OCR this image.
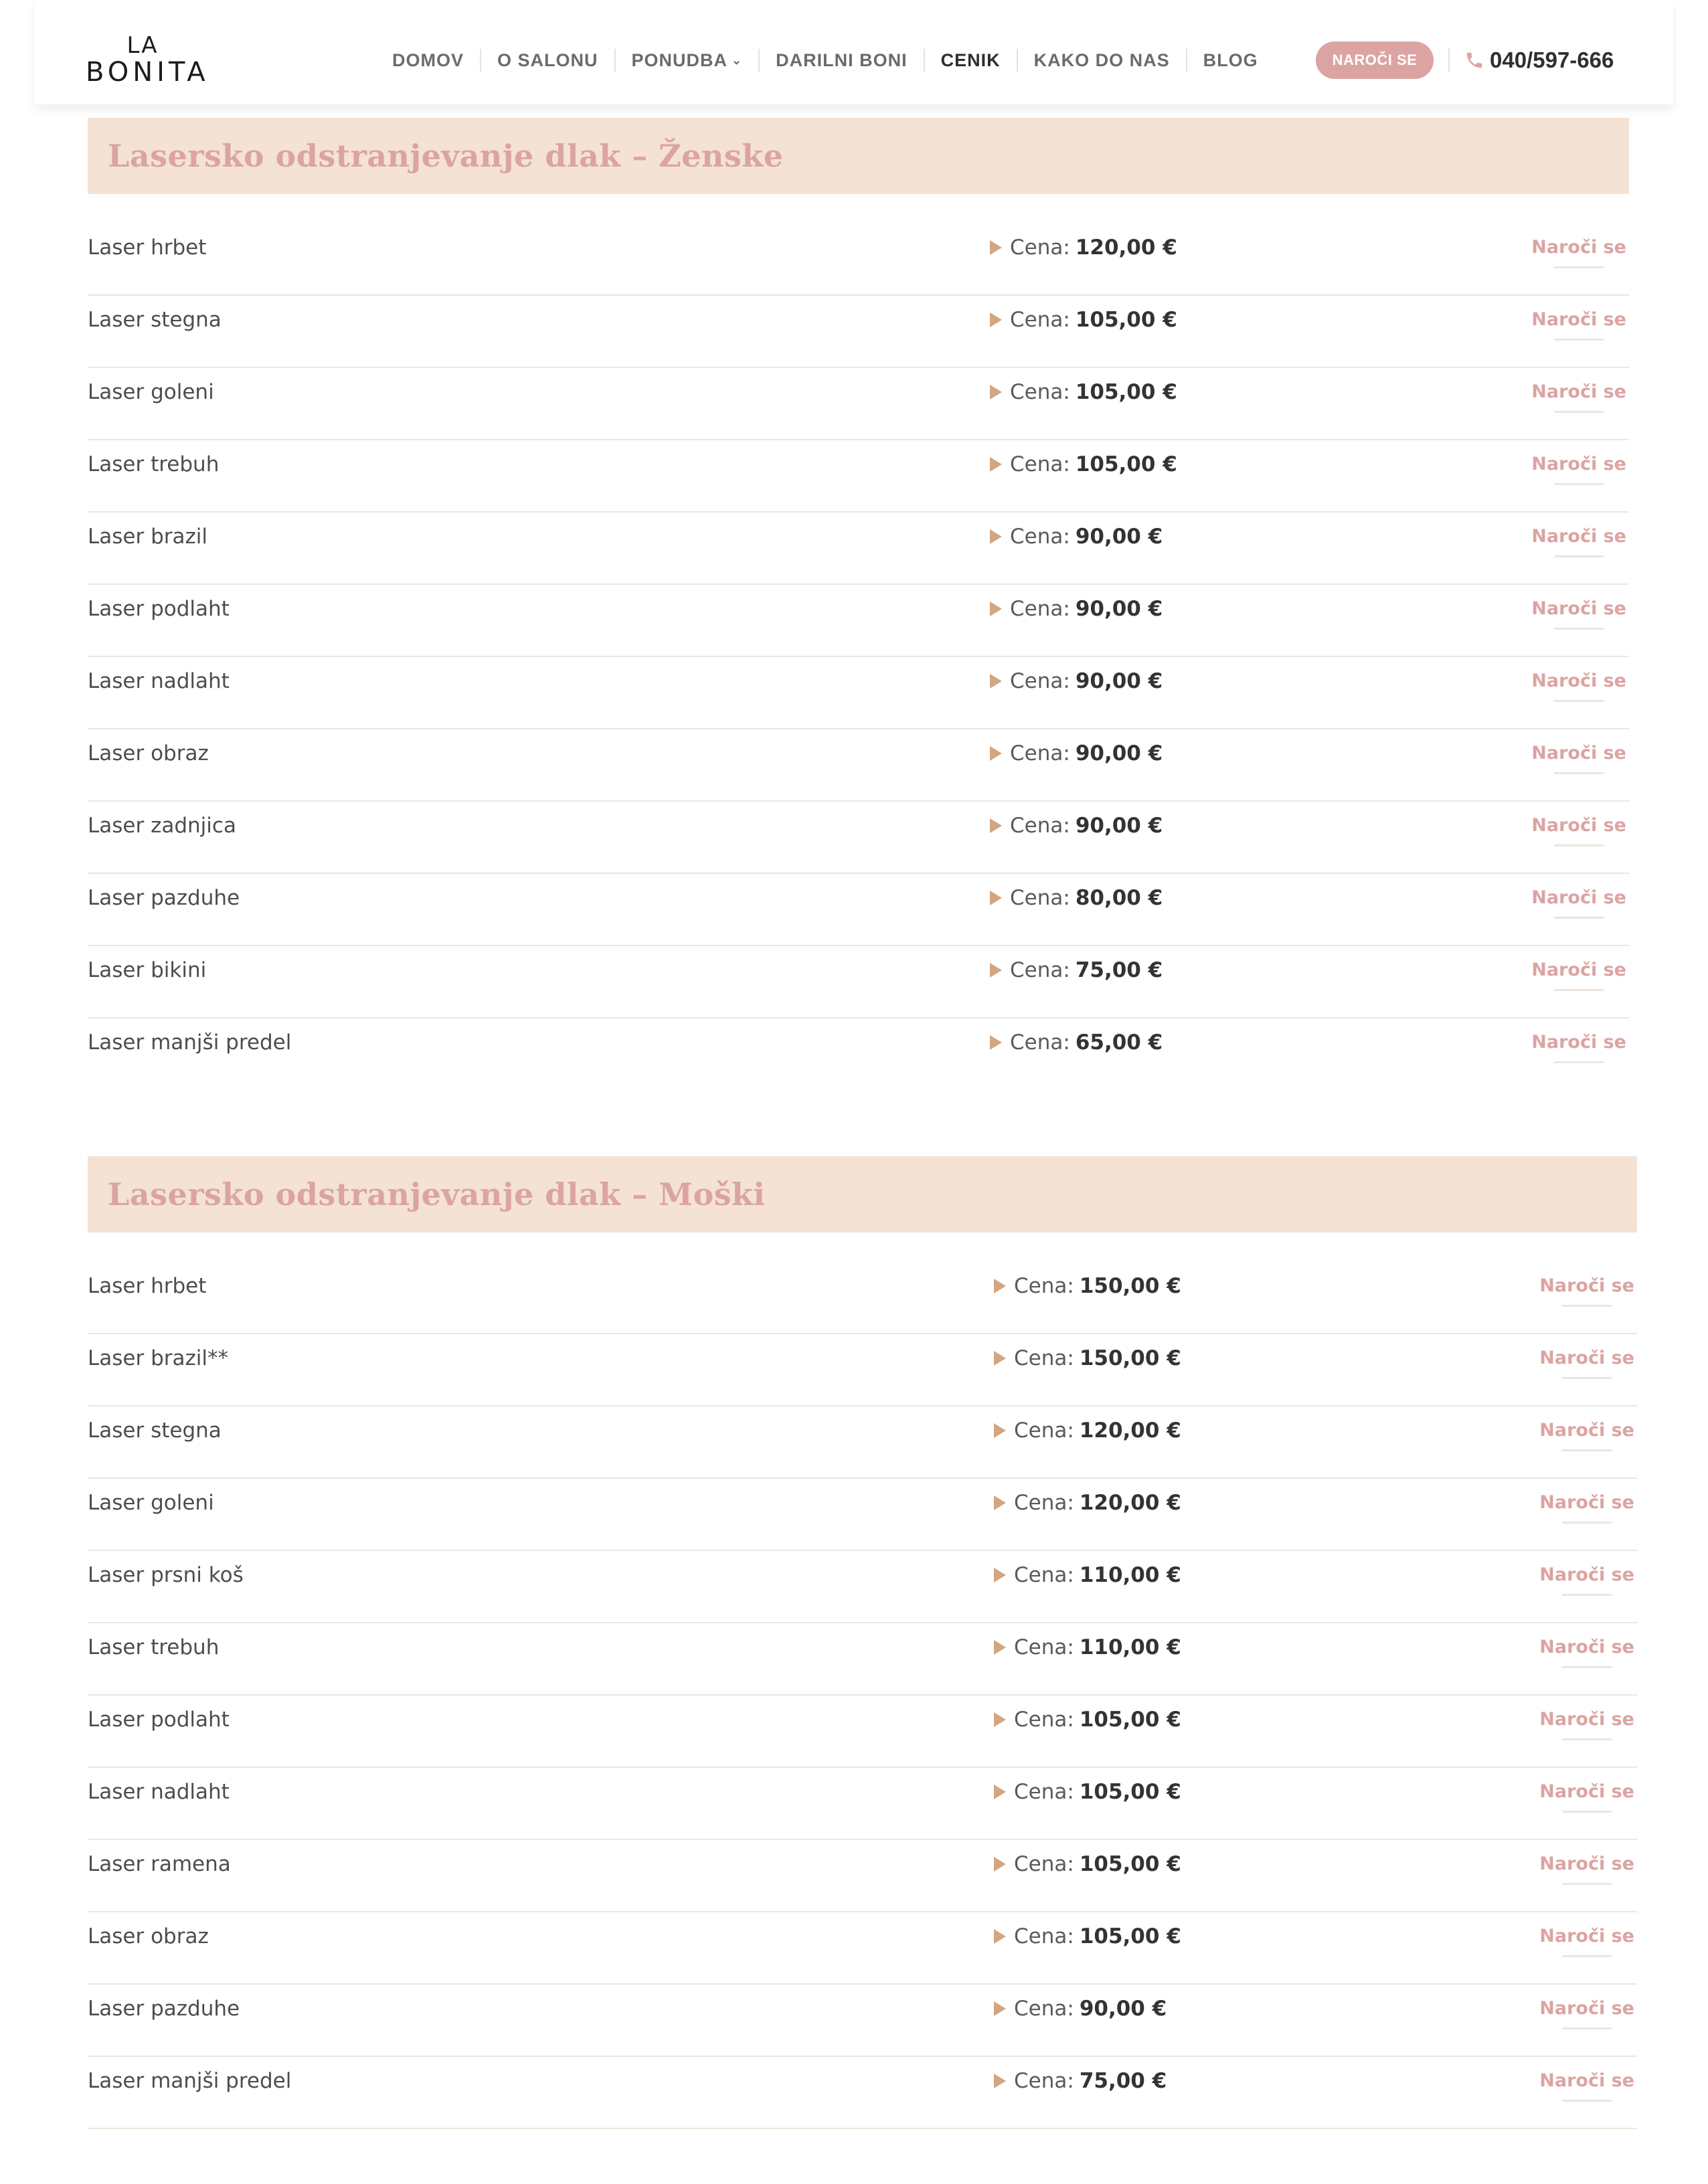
LA
BONITA	DOMOV	O SALONU	PONUDBA ⌄	DARILNI BONI	CENIK	KAKO DO NAS	BLOG	NAROČI SE	040/597-666
Lasersko odstranjevanje dlak – Ženske
Laser hrbet	Cena: 120,00 €	Naroči se
Laser stegna	Cena: 105,00 €	Naroči se
Laser goleni	Cena: 105,00 €	Naroči se
Laser trebuh	Cena: 105,00 €	Naroči se
Laser brazil	Cena: 90,00 €	Naroči se
Laser podlaht	Cena: 90,00 €	Naroči se
Laser nadlaht	Cena: 90,00 €	Naroči se
Laser obraz	Cena: 90,00 €	Naroči se
Laser zadnjica	Cena: 90,00 €	Naroči se
Laser pazduhe	Cena: 80,00 €	Naroči se
Laser bikini	Cena: 75,00 €	Naroči se
Laser manjši predel	Cena: 65,00 €	Naroči se
Lasersko odstranjevanje dlak – Moški
Laser hrbet	Cena: 150,00 €	Naroči se
Laser brazil**	Cena: 150,00 €	Naroči se
Laser stegna	Cena: 120,00 €	Naroči se
Laser goleni	Cena: 120,00 €	Naroči se
Laser prsni koš	Cena: 110,00 €	Naroči se
Laser trebuh	Cena: 110,00 €	Naroči se
Laser podlaht	Cena: 105,00 €	Naroči se
Laser nadlaht	Cena: 105,00 €	Naroči se
Laser ramena	Cena: 105,00 €	Naroči se
Laser obraz	Cena: 105,00 €	Naroči se
Laser pazduhe	Cena: 90,00 €	Naroči se
Laser manjši predel	Cena: 75,00 €	Naroči se
